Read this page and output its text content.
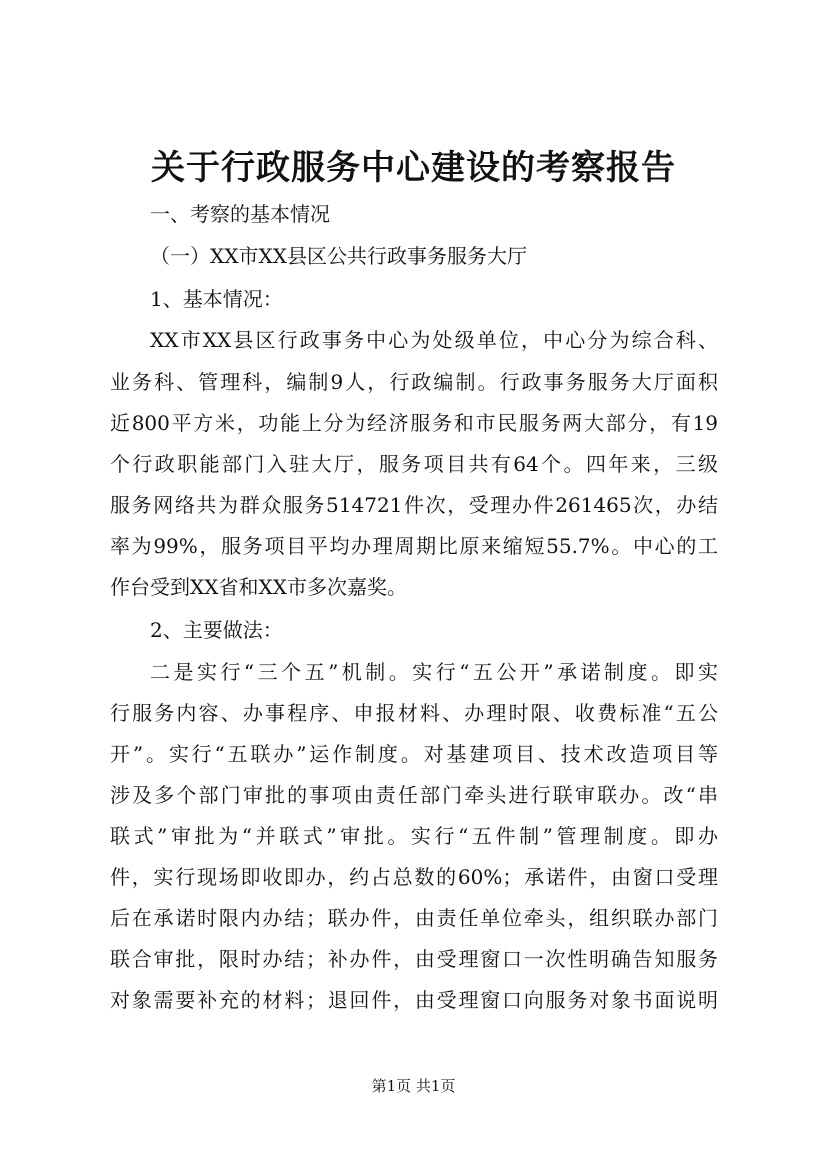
关于行政服务中心建设的考察报告
一、考察的基本情况
（一）XX市XX县区公共行政事务服务大厅
1、基本情况：
XX市XX县区行政事务中心为处级单位，中心分为综合科、
业务科、管理科，编制9人，行政编制。行政事务服务大厅面积
近800平方米，功能上分为经济服务和市民服务两大部分，有19
个行政职能部门入驻大厅，服务项目共有64个。四年来，三级
服务网络共为群众服务514721件次，受理办件261465次，办结
率为99%，服务项目平均办理周期比原来缩短55.7%。中心的工
作台受到XX省和XX市多次嘉奖。
2、主要做法：
二是实行“三个五”机制。实行“五公开”承诺制度。即实
行服务内容、办事程序、申报材料、办理时限、收费标准“五公
开”。实行“五联办”运作制度。对基建项目、技术改造项目等
涉及多个部门审批的事项由责任部门牵头进行联审联办。改“串
联式”审批为“并联式”审批。实行“五件制”管理制度。即办
件，实行现场即收即办，约占总数的60%；承诺件，由窗口受理
后在承诺时限内办结；联办件，由责任单位牵头，组织联办部门
联合审批，限时办结；补办件，由受理窗口一次性明确告知服务
对象需要补充的材料；退回件，由受理窗口向服务对象书面说明
第1页 共1页
